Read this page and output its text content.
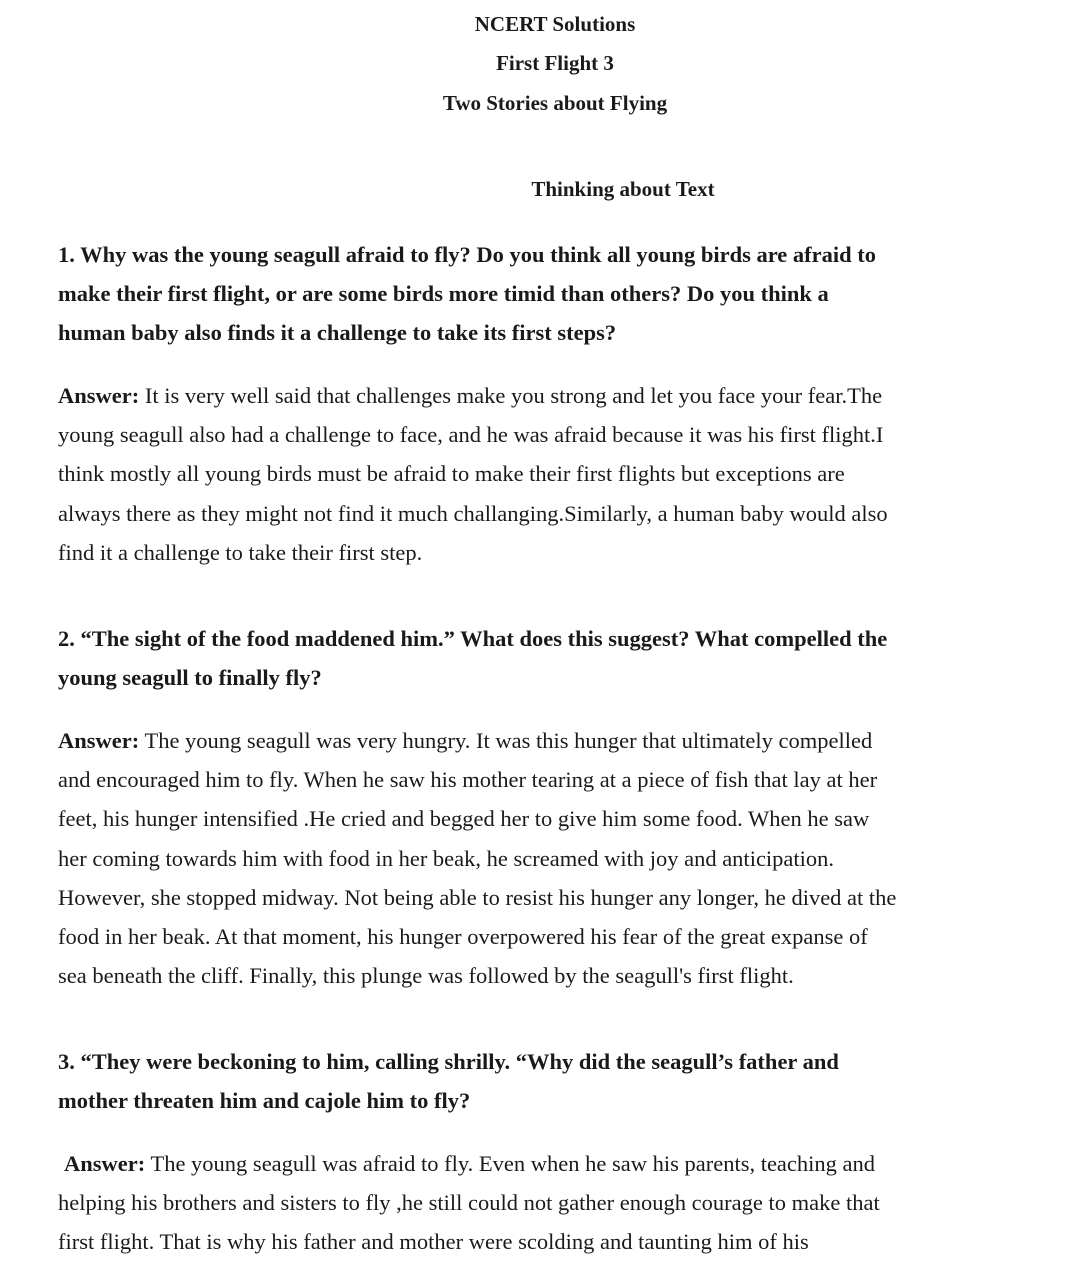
NCERT Solutions
First Flight 3
Two Stories about Flying
Thinking about Text
1. Why was the young seagull afraid to fly? Do you think all young birds are afraid to
make their first flight, or are some birds more timid than others? Do you think a
human baby also finds it a challenge to take its first steps?
Answer: It is very well said that challenges make you strong and let you face your fear.The
young seagull also had a challenge to face, and he was afraid because it was his first flight.I
think mostly all young birds must be afraid to make their first flights but exceptions are
always there as they might not find it much challanging.Similarly, a human baby would also
find it a challenge to take their first step.
2. “The sight of the food maddened him.” What does this suggest? What compelled the
young seagull to finally fly?
Answer: The young seagull was very hungry. It was this hunger that ultimately compelled
and encouraged him to fly. When he saw his mother tearing at a piece of fish that lay at her
feet, his hunger intensified .He cried and begged her to give him some food. When he saw
her coming towards him with food in her beak, he screamed with joy and anticipation.
However, she stopped midway. Not being able to resist his hunger any longer, he dived at the
food in her beak. At that moment, his hunger overpowered his fear of the great expanse of
sea beneath the cliff. Finally, this plunge was followed by the seagull's first flight.
3. “They were beckoning to him, calling shrilly. “Why did the seagull’s father and
mother threaten him and cajole him to fly?
Answer: The young seagull was afraid to fly. Even when he saw his parents, teaching and
helping his brothers and sisters to fly ,he still could not gather enough courage to make that
first flight. That is why his father and mother were scolding and taunting him of his
